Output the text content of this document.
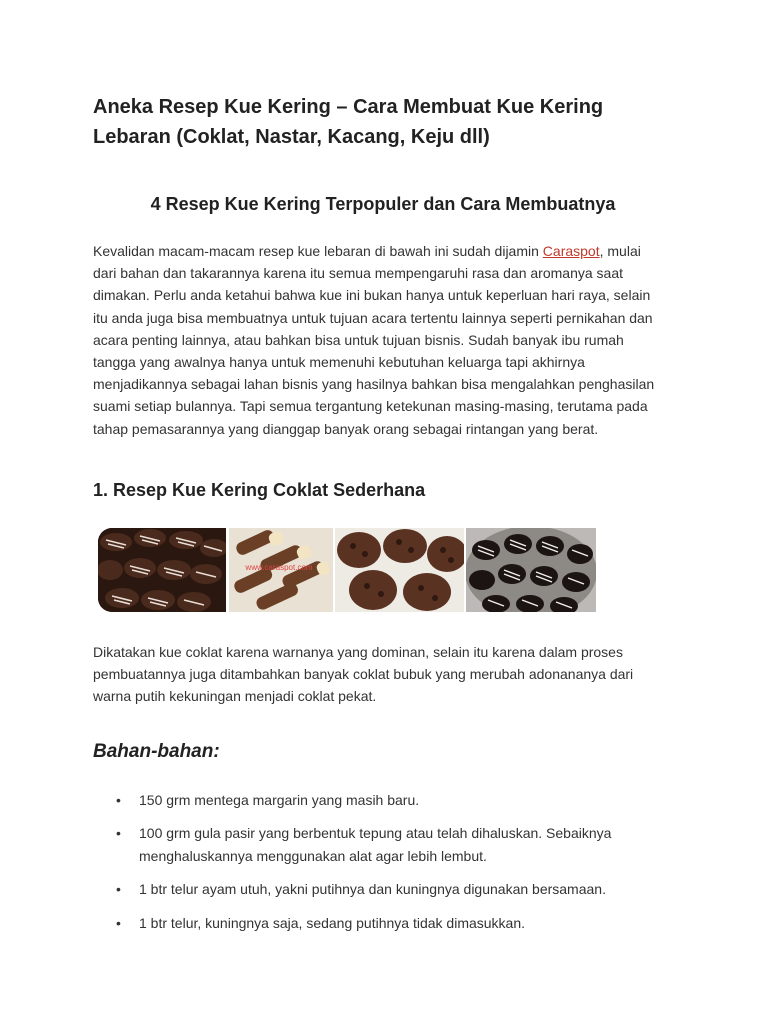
Aneka Resep Kue Kering – Cara Membuat Kue Kering Lebaran (Coklat, Nastar, Kacang, Keju dll)
4 Resep Kue Kering Terpopuler dan Cara Membuatnya

Kevalidan macam-macam resep kue lebaran di bawah ini sudah dijamin Caraspot, mulai dari bahan dan takarannya karena itu semua mempengaruhi rasa dan aromanya saat dimakan. Perlu anda ketahui bahwa kue ini bukan hanya untuk keperluan hari raya, selain itu anda juga bisa membuatnya untuk tujuan acara tertentu lainnya seperti pernikahan dan acara penting lainnya, atau bahkan bisa untuk tujuan bisnis. Sudah banyak ibu rumah tangga yang awalnya hanya untuk memenuhi kebutuhan keluarga tapi akhirnya menjadikannya sebagai lahan bisnis yang hasilnya bahkan bisa mengalahkan penghasilan suami setiap bulannya. Tapi semua tergantung ketekunan masing-masing, terutama pada tahap pemasarannya yang dianggap banyak orang sebagai rintangan yang berat.

1. Resep Kue Kering Coklat Sederhana
www.caraspot.com

Dikatakan kue coklat karena warnanya yang dominan, selain itu karena dalam proses pembuatannya juga ditambahkan banyak coklat bubuk yang merubah adonananya dari warna putih kekuningan menjadi coklat pekat.

Bahan-bahan:
• 150 grm mentega margarin yang masih baru.
• 100 grm gula pasir yang berbentuk tepung atau telah dihaluskan. Sebaiknya menghaluskannya menggunakan alat agar lebih lembut.
• 1 btr telur ayam utuh, yakni putihnya dan kuningnya digunakan bersamaan.
• 1 btr telur, kuningnya saja, sedang putihnya tidak dimasukkan.
